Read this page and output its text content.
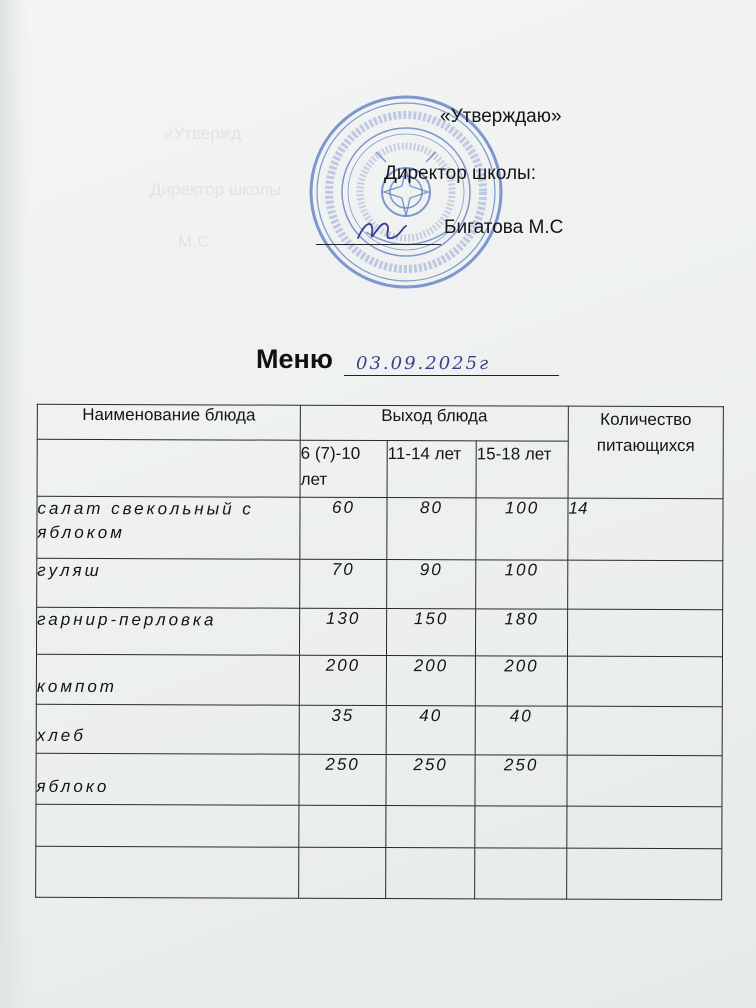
«Утвержд
Директор школы
М.С
«Утверждаю»
Директор школы:
Бигатова М.С
Меню 03.09.2025г
Наименование блюда	Выход блюда			Количество питающихся
	6 (7)-10 лет	11-14 лет	15-18 лет	
салат свекольный с яблоком	60	80	100	14
гуляш	70	90	100	
гарнир-перловка	130	150	180	
компот	200	200	200	
хлеб	35	40	40	
яблоко	250	250	250	
